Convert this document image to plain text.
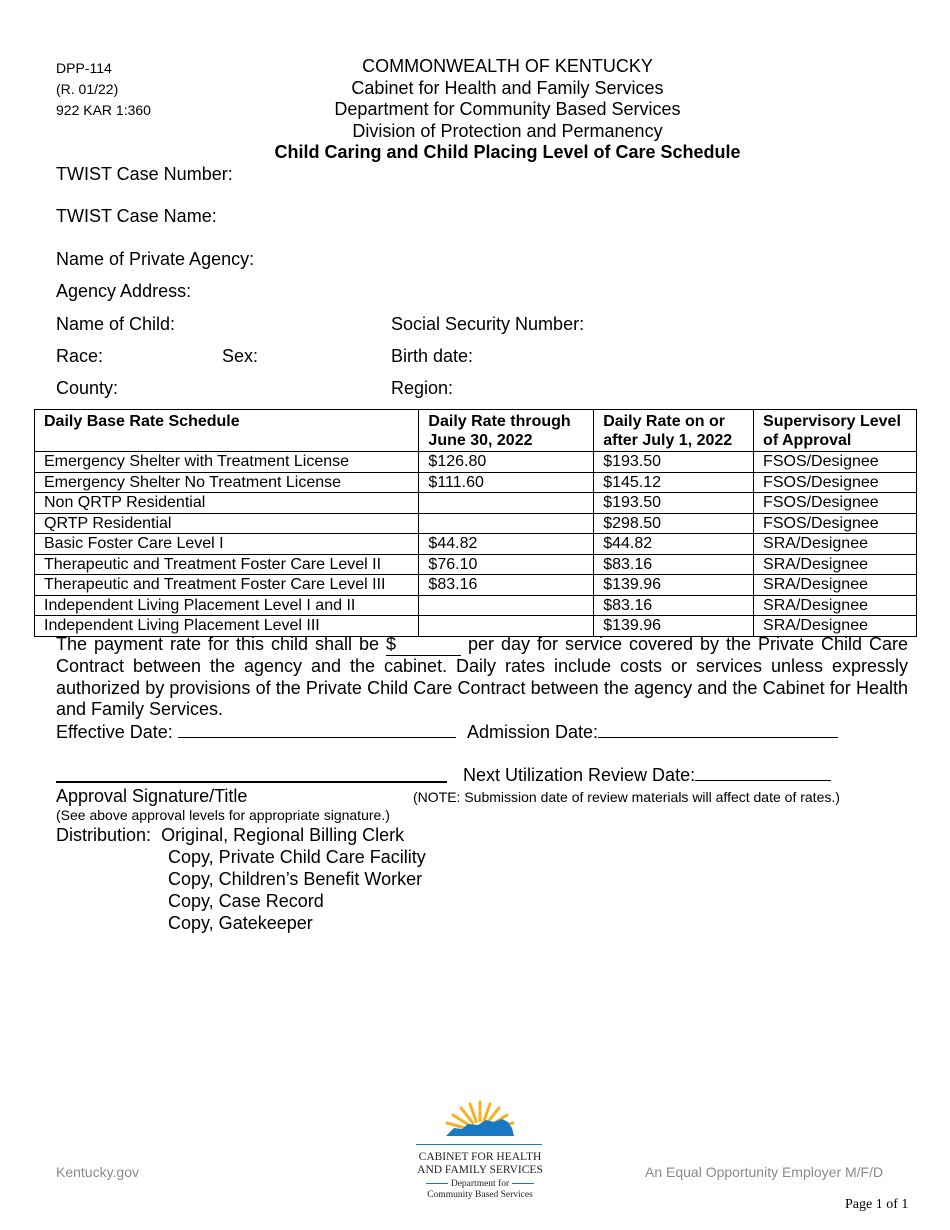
DPP-114
(R. 01/22)
922 KAR 1:360
COMMONWEALTH OF KENTUCKY
Cabinet for Health and Family Services
Department for Community Based Services
Division of Protection and Permanency
Child Caring and Child Placing Level of Care Schedule
TWIST Case Number:
TWIST Case Name:
Name of Private Agency:
Agency Address:
Name of Child:	Social Security Number:
Race:	Sex:	Birth date:
County:	Region:
Daily Base Rate Schedule	Daily Rate through June 30, 2022	Daily Rate on or after July 1, 2022	Supervisory Level of Approval
Emergency Shelter with Treatment License	$126.80	$193.50	FSOS/Designee
Emergency Shelter No Treatment License	$111.60	$145.12	FSOS/Designee
Non QRTP Residential		$193.50	FSOS/Designee
QRTP Residential		$298.50	FSOS/Designee
Basic Foster Care Level I	$44.82	$44.82	SRA/Designee
Therapeutic and Treatment Foster Care Level II	$76.10	$83.16	SRA/Designee
Therapeutic and Treatment Foster Care Level III	$83.16	$139.96	SRA/Designee
Independent Living Placement Level I and II		$83.16	SRA/Designee
Independent Living Placement Level III		$139.96	SRA/Designee
The payment rate for this child shall be $	per day for service covered by the Private Child Care Contract between the agency and the cabinet. Daily rates include costs or services unless expressly authorized by provisions of the Private Child Care Contract between the agency and the Cabinet for Health and Family Services.
Effective Date:	Admission Date:
Next Utilization Review Date:
Approval Signature/Title	(NOTE: Submission date of review materials will affect date of rates.)
(See above approval levels for appropriate signature.)
Distribution: Original, Regional Billing Clerk
Copy, Private Child Care Facility
Copy, Children’s Benefit Worker
Copy, Case Record
Copy, Gatekeeper
Kentucky.gov	An Equal Opportunity Employer M/F/D
Page 1 of 1
CABINET FOR HEALTH
AND FAMILY SERVICES
Department for
Community Based Services
